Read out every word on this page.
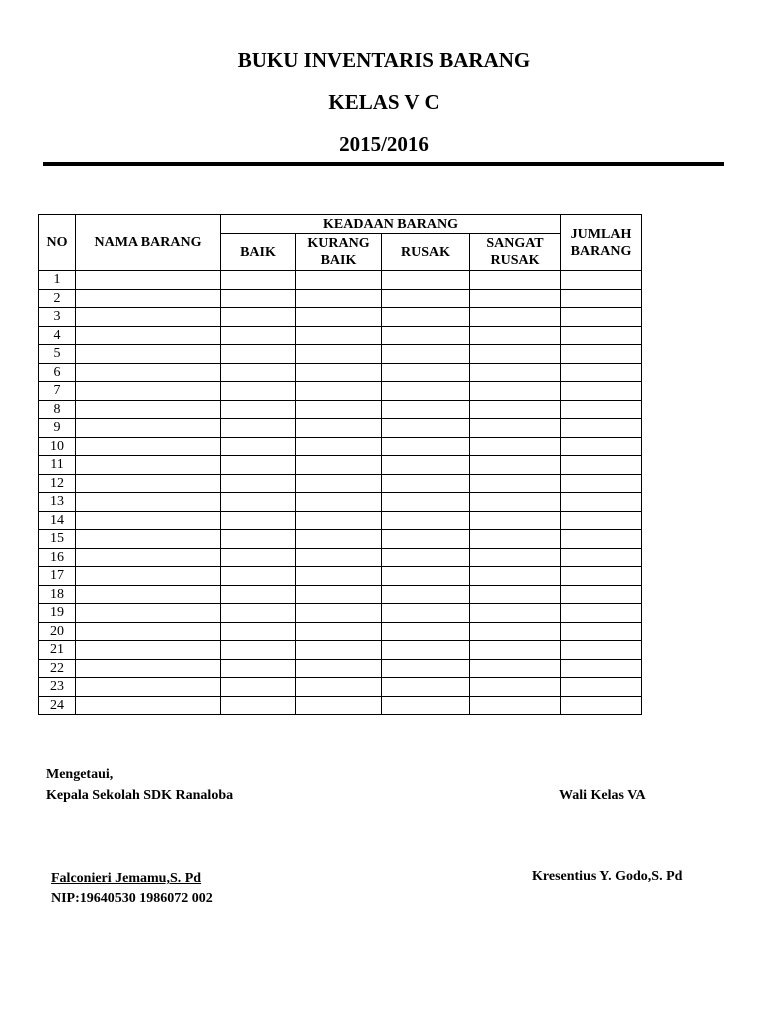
BUKU INVENTARIS BARANG
KELAS V C
2015/2016
NO	NAMA BARANG	KEADAAN BARANG				JUMLAH BARANG
		BAIK	KURANG BAIK	RUSAK	SANGAT RUSAK	
1						
2						
3						
4						
5						
6						
7						
8						
9						
10						
11						
12						
13						
14						
15						
16						
17						
18						
19						
20						
21						
22						
23						
24						
Mengetaui,
Kepala Sekolah SDK Ranaloba	Wali Kelas VA
Falconieri Jemamu,S. Pd
NIP:19640530 1986072 002
Kresentius Y. Godo,S. Pd
